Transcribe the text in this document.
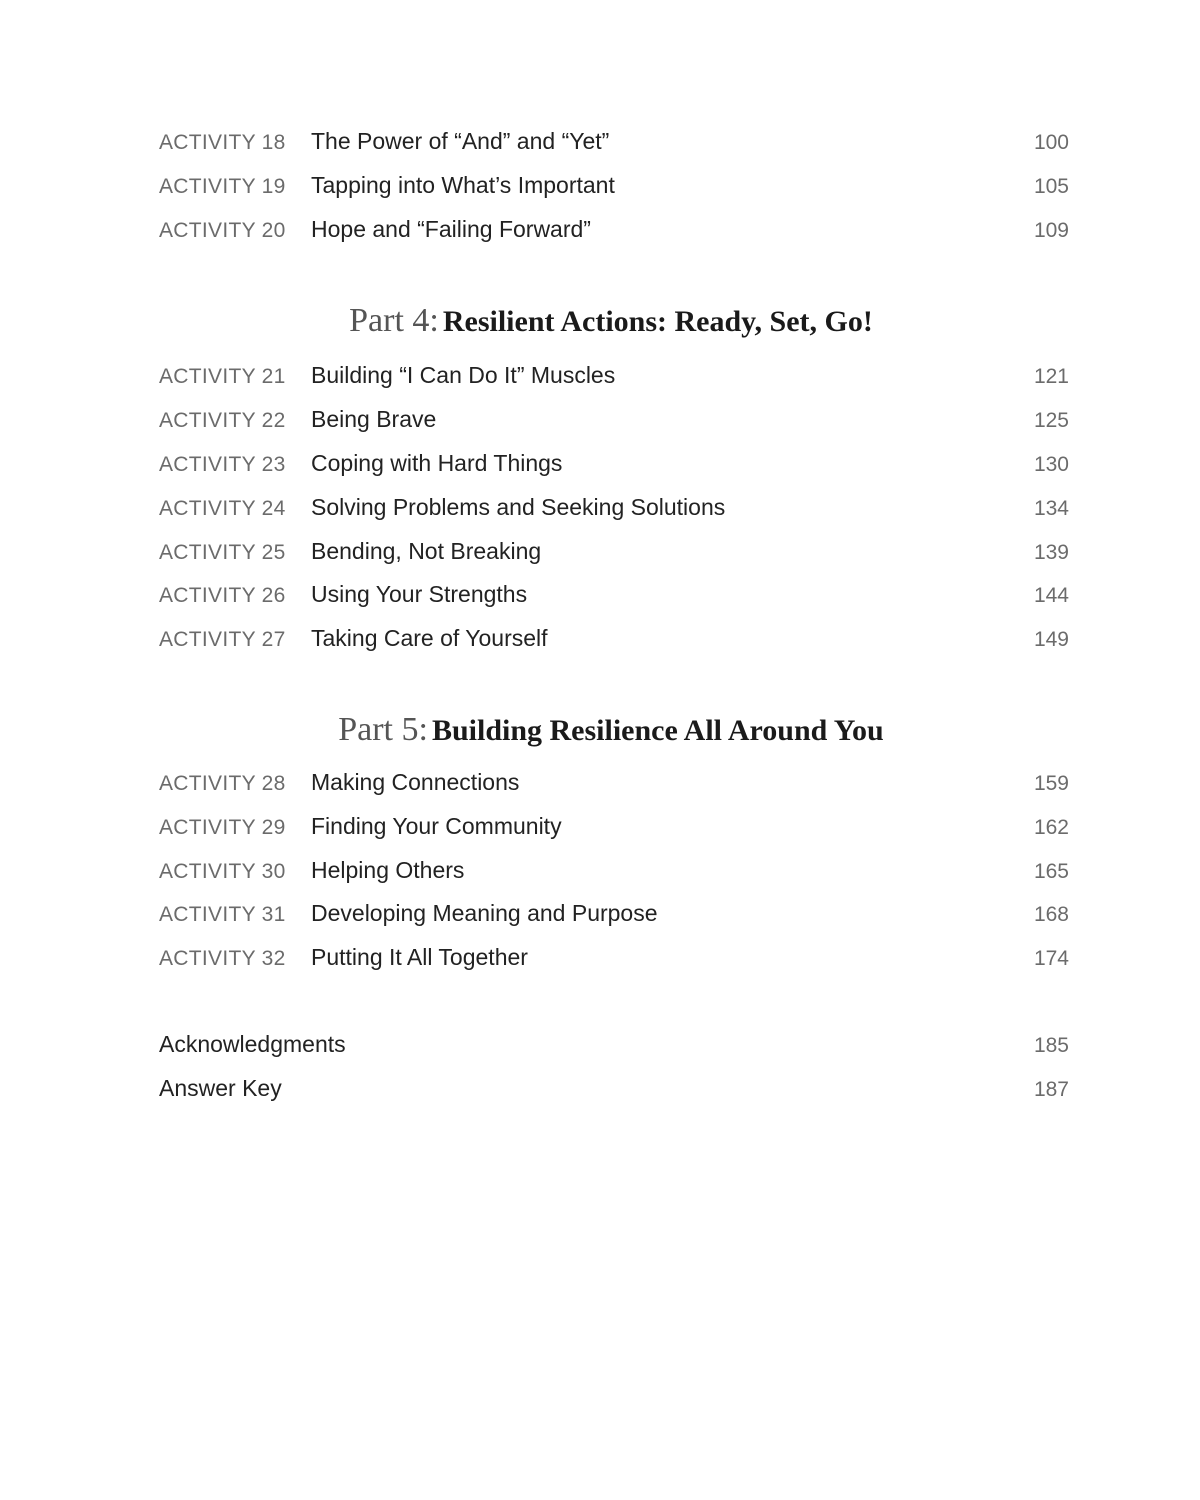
ACTIVITY 18	The Power of “And” and “Yet”	100
ACTIVITY 19	Tapping into What’s Important	105
ACTIVITY 20	Hope and “Failing Forward”	109
Part 4: Resilient Actions: Ready, Set, Go!
ACTIVITY 21	Building “I Can Do It” Muscles	121
ACTIVITY 22	Being Brave	125
ACTIVITY 23	Coping with Hard Things	130
ACTIVITY 24	Solving Problems and Seeking Solutions	134
ACTIVITY 25	Bending, Not Breaking	139
ACTIVITY 26	Using Your Strengths	144
ACTIVITY 27	Taking Care of Yourself	149
Part 5: Building Resilience All Around You
ACTIVITY 28	Making Connections	159
ACTIVITY 29	Finding Your Community	162
ACTIVITY 30	Helping Others	165
ACTIVITY 31	Developing Meaning and Purpose	168
ACTIVITY 32	Putting It All Together	174
Acknowledgments	185
Answer Key	187
